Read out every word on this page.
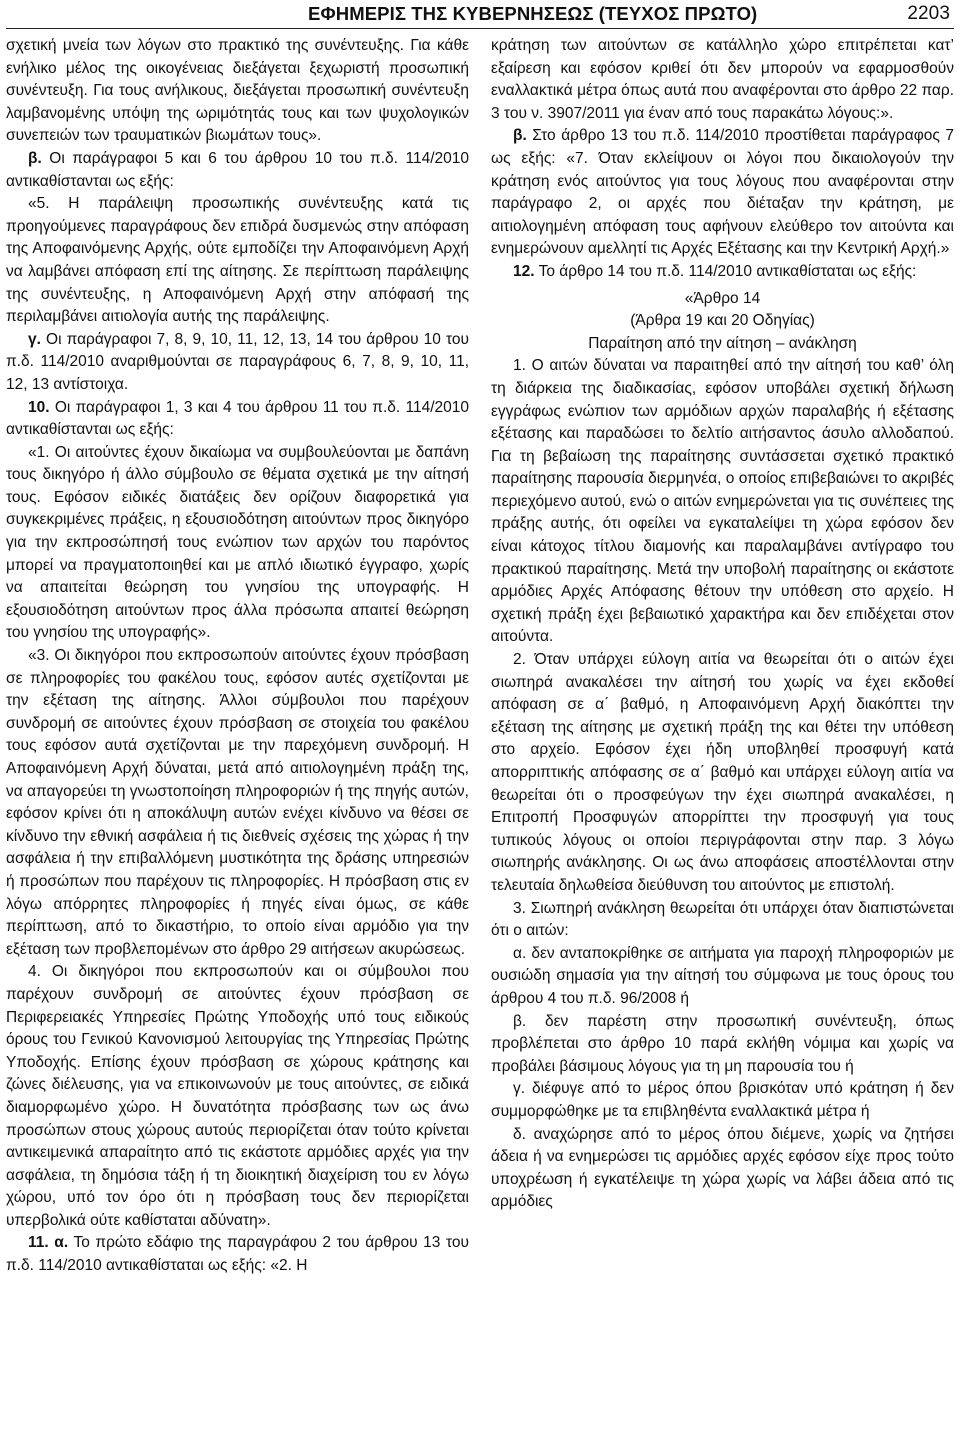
ΕΦΗΜΕΡΙΣ ΤΗΣ ΚΥΒΕΡΝΗΣΕΩΣ (ΤΕΥΧΟΣ ΠΡΩΤΟ)	2203

σχετική μνεία των λόγων στο πρακτικό της συνέντευξης. Για κάθε ενήλικο μέλος της οικογένειας διεξάγεται ξεχωριστή προσωπική συνέντευξη. Για τους ανήλικους, διεξάγεται προσωπική συνέντευξη λαμβανομένης υπόψη της ωριμότητάς τους και των ψυχολογικών συνεπειών των τραυματικών βιωμάτων τους».

β. Οι παράγραφοι 5 και 6 του άρθρου 10 του π.δ. 114/2010 αντικαθίστανται ως εξής:

«5. Η παράλειψη προσωπικής συνέντευξης κατά τις προηγούμενες παραγράφους δεν επιδρά δυσμενώς στην απόφαση της Αποφαινόμενης Αρχής, ούτε εμποδίζει την Αποφαινόμενη Αρχή να λαμβάνει απόφαση επί της αίτησης. Σε περίπτωση παράλειψης της συνέντευξης, η Αποφαινόμενη Αρχή στην απόφασή της περιλαμβάνει αιτιολογία αυτής της παράλειψης.

γ. Οι παράγραφοι 7, 8, 9, 10, 11, 12, 13, 14 του άρθρου 10 του π.δ. 114/2010 αναριθμούνται σε παραγράφους 6, 7, 8, 9, 10, 11, 12, 13 αντίστοιχα.

10. Οι παράγραφοι 1, 3 και 4 του άρθρου 11 του π.δ. 114/2010 αντικαθίστανται ως εξής:

«1. Οι αιτούντες έχουν δικαίωμα να συμβουλεύονται με δαπάνη τους δικηγόρο ή άλλο σύμβουλο σε θέματα σχετικά με την αίτησή τους. Εφόσον ειδικές διατάξεις δεν ορίζουν διαφορετικά για συγκεκριμένες πράξεις, η εξουσιοδότηση αιτούντων προς δικηγόρο για την εκπροσώπησή τους ενώπιον των αρχών του παρόντος μπορεί να πραγματοποιηθεί και με απλό ιδιωτικό έγγραφο, χωρίς να απαιτείται θεώρηση του γνησίου της υπογραφής. Η εξουσιοδότηση αιτούντων προς άλλα πρόσωπα απαιτεί θεώρηση του γνησίου της υπογραφής».

«3. Οι δικηγόροι που εκπροσωπούν αιτούντες έχουν πρόσβαση σε πληροφορίες του φακέλου τους, εφόσον αυτές σχετίζονται με την εξέταση της αίτησης. Άλλοι σύμβουλοι που παρέχουν συνδρομή σε αιτούντες έχουν πρόσβαση σε στοιχεία του φακέλου τους εφόσον αυτά σχετίζονται με την παρεχόμενη συνδρομή. Η Αποφαινόμενη Αρχή δύναται, μετά από αιτιολογημένη πράξη της, να απαγορεύει τη γνωστοποίηση πληροφοριών ή της πηγής αυτών, εφόσον κρίνει ότι η αποκάλυψη αυτών ενέχει κίνδυνο να θέσει σε κίνδυνο την εθνική ασφάλεια ή τις διεθνείς σχέσεις της χώρας ή την ασφάλεια ή την επιβαλλόμενη μυστικότητα της δράσης υπηρεσιών ή προσώπων που παρέχουν τις πληροφορίες. Η πρόσβαση στις εν λόγω απόρρητες πληροφορίες ή πηγές είναι όμως, σε κάθε περίπτωση, από το δικαστήριο, το οποίο είναι αρμόδιο για την εξέταση των προβλεπομένων στο άρθρο 29 αιτήσεων ακυρώσεως.

4. Οι δικηγόροι που εκπροσωπούν και οι σύμβουλοι που παρέχουν συνδρομή σε αιτούντες έχουν πρόσβαση σε Περιφερειακές Υπηρεσίες Πρώτης Υποδοχής υπό τους ειδικούς όρους του Γενικού Κανονισμού λειτουργίας της Υπηρεσίας Πρώτης Υποδοχής. Επίσης έχουν πρόσβαση σε χώρους κράτησης και ζώνες διέλευσης, για να επικοινωνούν με τους αιτούντες, σε ειδικά διαμορφωμένο χώρο. Η δυνατότητα πρόσβασης των ως άνω προσώπων στους χώρους αυτούς περιορίζεται όταν τούτο κρίνεται αντικειμενικά απαραίτητο από τις εκάστοτε αρμόδιες αρχές για την ασφάλεια, τη δημόσια τάξη ή τη διοικητική διαχείριση του εν λόγω χώρου, υπό τον όρο ότι η πρόσβαση τους δεν περιορίζεται υπερβολικά ούτε καθίσταται αδύνατη».

11. α. Το πρώτο εδάφιο της παραγράφου 2 του άρθρου 13 του π.δ. 114/2010 αντικαθίσταται ως εξής: «2. Η

κράτηση των αιτούντων σε κατάλληλο χώρο επιτρέπεται κατ’ εξαίρεση και εφόσον κριθεί ότι δεν μπορούν να εφαρμοσθούν εναλλακτικά μέτρα όπως αυτά που αναφέρονται στο άρθρο 22 παρ. 3 του ν. 3907/2011 για έναν από τους παρακάτω λόγους:».

β. Στο άρθρο 13 του π.δ. 114/2010 προστίθεται παράγραφος 7 ως εξής: «7. Όταν εκλείψουν οι λόγοι που δικαιολογούν την κράτηση ενός αιτούντος για τους λόγους που αναφέρονται στην παράγραφο 2, οι αρχές που διέταξαν την κράτηση, με αιτιολογημένη απόφαση τους αφήνουν ελεύθερο τον αιτούντα και ενημερώνουν αμελλητί τις Αρχές Εξέτασης και την Κεντρική Αρχή.»

12. Το άρθρο 14 του π.δ. 114/2010 αντικαθίσταται ως εξής:

«Άρθρο 14

(Άρθρα 19 και 20 Οδηγίας)

Παραίτηση από την αίτηση – ανάκληση

1. Ο αιτών δύναται να παραιτηθεί από την αίτησή του καθ’ όλη τη διάρκεια της διαδικασίας, εφόσον υποβάλει σχετική δήλωση εγγράφως ενώπιον των αρμόδιων αρχών παραλαβής ή εξέτασης εξέτασης και παραδώσει το δελτίο αιτήσαντος άσυλο αλλοδαπού. Για τη βεβαίωση της παραίτησης συντάσσεται σχετικό πρακτικό παραίτησης παρουσία διερμηνέα, ο οποίος επιβεβαιώνει το ακριβές περιεχόμενο αυτού, ενώ ο αιτών ενημερώνεται για τις συνέπειες της πράξης αυτής, ότι οφείλει να εγκαταλείψει τη χώρα εφόσον δεν είναι κάτοχος τίτλου διαμονής και παραλαμβάνει αντίγραφο του πρακτικού παραίτησης. Μετά την υποβολή παραίτησης οι εκάστοτε αρμόδιες Αρχές Απόφασης θέτουν την υπόθεση στο αρχείο. Η σχετική πράξη έχει βεβαιωτικό χαρακτήρα και δεν επιδέχεται στον αιτούντα.

2. Όταν υπάρχει εύλογη αιτία να θεωρείται ότι ο αιτών έχει σιωπηρά ανακαλέσει την αίτησή του χωρίς να έχει εκδοθεί απόφαση σε α΄ βαθμό, η Αποφαινόμενη Αρχή διακόπτει την εξέταση της αίτησης με σχετική πράξη της και θέτει την υπόθεση στο αρχείο. Εφόσον έχει ήδη υποβληθεί προσφυγή κατά απορριπτικής απόφασης σε α΄ βαθμό και υπάρχει εύλογη αιτία να θεωρείται ότι ο προσφεύγων την έχει σιωπηρά ανακαλέσει, η Επιτροπή Προσφυγών απορρίπτει την προσφυγή για τους τυπικούς λόγους οι οποίοι περιγράφονται στην παρ. 3 λόγω σιωπηρής ανάκλησης. Οι ως άνω αποφάσεις αποστέλλονται στην τελευταία δηλωθείσα διεύθυνση του αιτούντος με επιστολή.

3. Σιωπηρή ανάκληση θεωρείται ότι υπάρχει όταν διαπιστώνεται ότι ο αιτών:

α. δεν ανταποκρίθηκε σε αιτήματα για παροχή πληροφοριών με ουσιώδη σημασία για την αίτησή του σύμφωνα με τους όρους του άρθρου 4 του π.δ. 96/2008 ή

β. δεν παρέστη στην προσωπική συνέντευξη, όπως προβλέπεται στο άρθρο 10 παρά εκλήθη νόμιμα και χωρίς να προβάλει βάσιμους λόγους για τη μη παρουσία του ή

γ. διέφυγε από το μέρος όπου βρισκόταν υπό κράτηση ή δεν συμμορφώθηκε με τα επιβληθέντα εναλλακτικά μέτρα ή

δ. αναχώρησε από το μέρος όπου διέμενε, χωρίς να ζητήσει άδεια ή να ενημερώσει τις αρμόδιες αρχές εφόσον είχε προς τούτο υποχρέωση ή εγκατέλειψε τη χώρα χωρίς να λάβει άδεια από τις αρμόδιες
